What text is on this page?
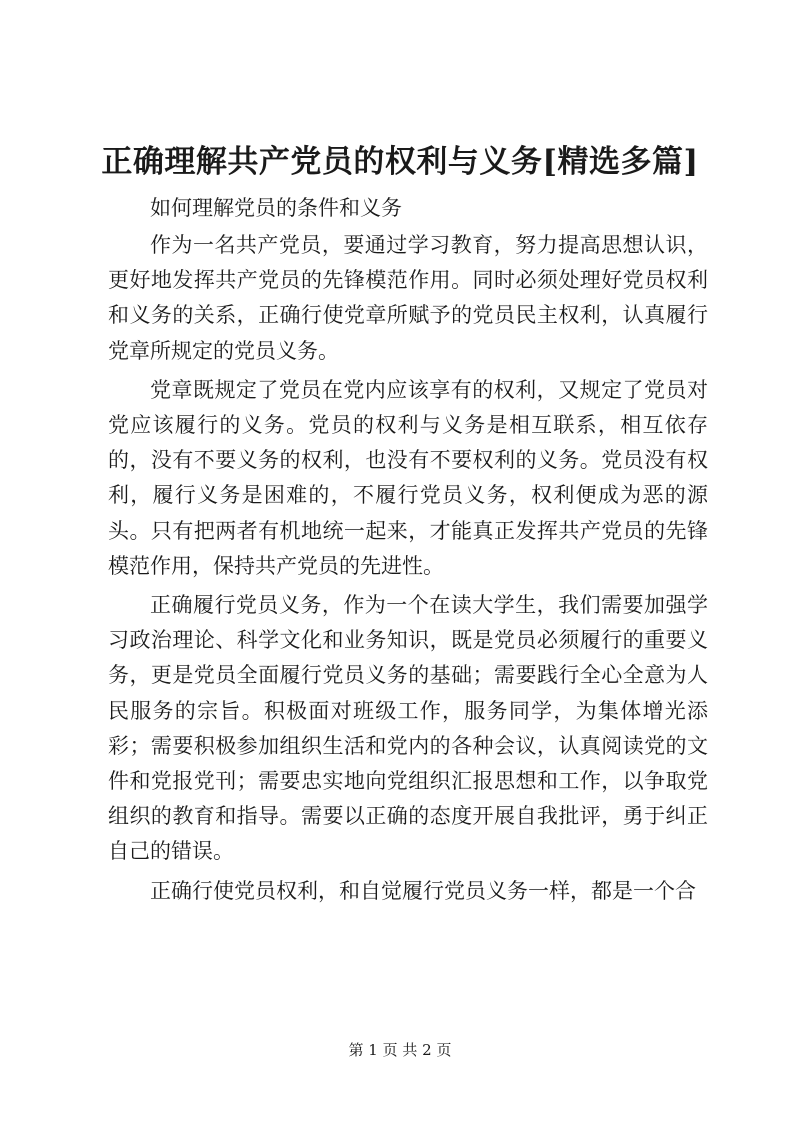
正确理解共产党员的权利与义务[精选多篇]

如何理解党员的条件和义务

作为一名共产党员，要通过学习教育，努力提高思想认识，更好地发挥共产党员的先锋模范作用。同时必须处理好党员权利和义务的关系，正确行使党章所赋予的党员民主权利，认真履行党章所规定的党员义务。

党章既规定了党员在党内应该享有的权利，又规定了党员对党应该履行的义务。党员的权利与义务是相互联系，相互依存的，没有不要义务的权利，也没有不要权利的义务。党员没有权利，履行义务是困难的，不履行党员义务，权利便成为恶的源头。只有把两者有机地统一起来，才能真正发挥共产党员的先锋模范作用，保持共产党员的先进性。

正确履行党员义务，作为一个在读大学生，我们需要加强学习政治理论、科学文化和业务知识，既是党员必须履行的重要义务，更是党员全面履行党员义务的基础；需要践行全心全意为人民服务的宗旨。积极面对班级工作，服务同学，为集体增光添彩；需要积极参加组织生活和党内的各种会议，认真阅读党的文件和党报党刊；需要忠实地向党组织汇报思想和工作，以争取党组织的教育和指导。需要以正确的态度开展自我批评，勇于纠正自己的错误。

正确行使党员权利，和自觉履行党员义务一样，都是一个合

第 1 页 共 2 页
